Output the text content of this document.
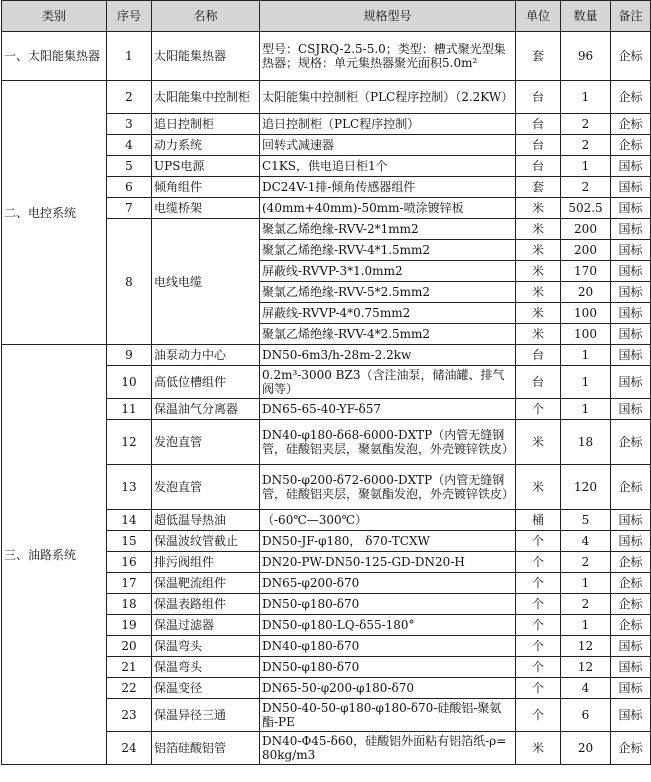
类别	序号	名称	规格型号	单位	数量	备注
一、太阳能集热器	1	太阳能集热器	型号：CSJRQ-2.5-5.0；类型：槽式聚光型集热器；规格：单元集热器聚光面积5.0m²	套	96	企标
二、电控系统	2	太阳能集中控制柜	太阳能集中控制柜（PLC程序控制）（2.2KW）	台	1	企标
	3	追日控制柜	追日控制柜（PLC程序控制）	台	2	企标
	4	动力系统	回转式减速器	台	2	企标
	5	UPS电源	C1KS，供电追日柜1个	台	1	国标
	6	倾角组件	DC24V-1排-倾角传感器组件	套	2	国标
	7	电缆桥架	(40mm+40mm)-50mm-喷涂镀锌板	米	502.5	国标
	8	电线电缆	聚氯乙烯绝缘-RVV-2*1mm2	米	200	国标
			聚氯乙烯绝缘-RVV-4*1.5mm2	米	200	国标
			屏蔽线-RVVP-3*1.0mm2	米	170	国标
			聚氯乙烯绝缘-RVV-5*2.5mm2	米	20	国标
			屏蔽线-RVVP-4*0.75mm2	米	100	国标
			聚氯乙烯绝缘-RVV-4*2.5mm2	米	100	国标
三、油路系统	9	油泵动力中心	DN50-6m3/h-28m-2.2kw	台	1	国标
	10	高低位槽组件	0.2m³-3000 BZ3（含注油泵，储油罐、排气阀等）	台	1	国标
	11	保温油气分离器	DN65-65-40-YF-δ57	个	1	国标
	12	发泡直管	DN40-φ180-δ68-6000-DXTP（内管无缝钢管，硅酸铝夹层，聚氨酯发泡，外壳镀锌铁皮）	米	18	企标
	13	发泡直管	DN50-φ200-δ72-6000-DXTP（内管无缝钢管，硅酸铝夹层，聚氨酯发泡，外壳镀锌铁皮）	米	120	企标
	14	超低温导热油	（-60℃—300℃）	桶	5	国标
	15	保温波纹管截止	DN50-JF-φ180， δ70-TCXW	个	4	国标
	16	排污阀组件	DN20-PW-DN50-125-GD-DN20-H	个	2	企标
	17	保温靶流组件	DN65-φ200-δ70	个	1	企标
	18	保温表路组件	DN50-φ180-δ70	个	2	企标
	19	保温过滤器	DN50-φ180-LQ-δ55-180°	个	1	企标
	20	保温弯头	DN40-φ180-δ70	个	12	国标
	21	保温弯头	DN50-φ180-δ70	个	12	国标
	22	保温变径	DN65-50-φ200-φ180-δ70	个	4	国标
	23	保温异径三通	DN50-40-50-φ180-φ180-δ70-硅酸铝-聚氨酯-PE	个	6	国标
	24	铝箔硅酸铝管	DN40-Φ45-δ60，硅酸铝外面粘有铝箔纸-ρ=80kg/m3	米	20	企标
